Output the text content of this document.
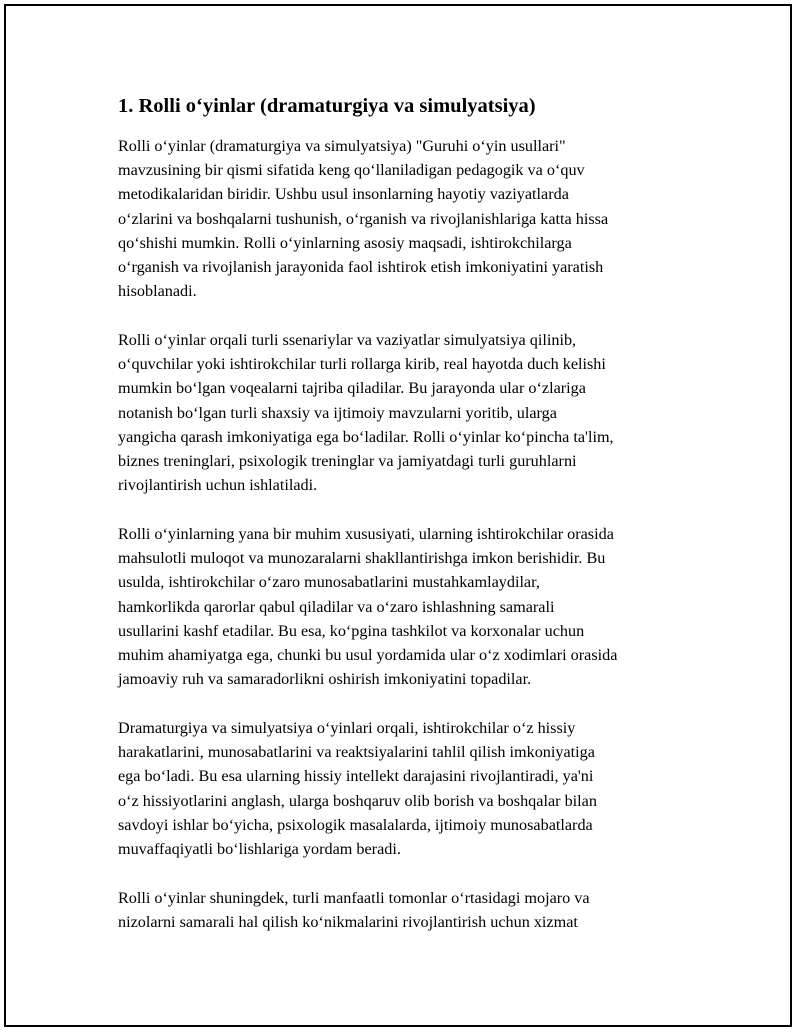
1. Rolli o‘yinlar (dramaturgiya va simulyatsiya)

Rolli o‘yinlar (dramaturgiya va simulyatsiya) "Guruhi o‘yin usullari"
mavzusining bir qismi sifatida keng qo‘llaniladigan pedagogik va o‘quv
metodikalaridan biridir. Ushbu usul insonlarning hayotiy vaziyatlarda
o‘zlarini va boshqalarni tushunish, o‘rganish va rivojlanishlariga katta hissa
qo‘shishi mumkin. Rolli o‘yinlarning asosiy maqsadi, ishtirokchilarga
o‘rganish va rivojlanish jarayonida faol ishtirok etish imkoniyatini yaratish
hisoblanadi.

Rolli o‘yinlar orqali turli ssenariylar va vaziyatlar simulyatsiya qilinib,
o‘quvchilar yoki ishtirokchilar turli rollarga kirib, real hayotda duch kelishi
mumkin bo‘lgan voqealarni tajriba qiladilar. Bu jarayonda ular o‘zlariga
notanish bo‘lgan turli shaxsiy va ijtimoiy mavzularni yoritib, ularga
yangicha qarash imkoniyatiga ega bo‘ladilar. Rolli o‘yinlar ko‘pincha ta'lim,
biznes treninglari, psixologik treninglar va jamiyatdagi turli guruhlarni
rivojlantirish uchun ishlatiladi.

Rolli o‘yinlarning yana bir muhim xususiyati, ularning ishtirokchilar orasida
mahsulotli muloqot va munozaralarni shakllantirishga imkon berishidir. Bu
usulda, ishtirokchilar o‘zaro munosabatlarini mustahkamlaydilar,
hamkorlikda qarorlar qabul qiladilar va o‘zaro ishlashning samarali
usullarini kashf etadilar. Bu esa, ko‘pgina tashkilot va korxonalar uchun
muhim ahamiyatga ega, chunki bu usul yordamida ular o‘z xodimlari orasida
jamoaviy ruh va samaradorlikni oshirish imkoniyatini topadilar.

Dramaturgiya va simulyatsiya o‘yinlari orqali, ishtirokchilar o‘z hissiy
harakatlarini, munosabatlarini va reaktsiyalarini tahlil qilish imkoniyatiga
ega bo‘ladi. Bu esa ularning hissiy intellekt darajasini rivojlantiradi, ya'ni
o‘z hissiyotlarini anglash, ularga boshqaruv olib borish va boshqalar bilan
savdoyi ishlar bo‘yicha, psixologik masalalarda, ijtimoiy munosabatlarda
muvaffaqiyatli bo‘lishlariga yordam beradi.

Rolli o‘yinlar shuningdek, turli manfaatli tomonlar o‘rtasidagi mojaro va
nizolarni samarali hal qilish ko‘nikmalarini rivojlantirish uchun xizmat
